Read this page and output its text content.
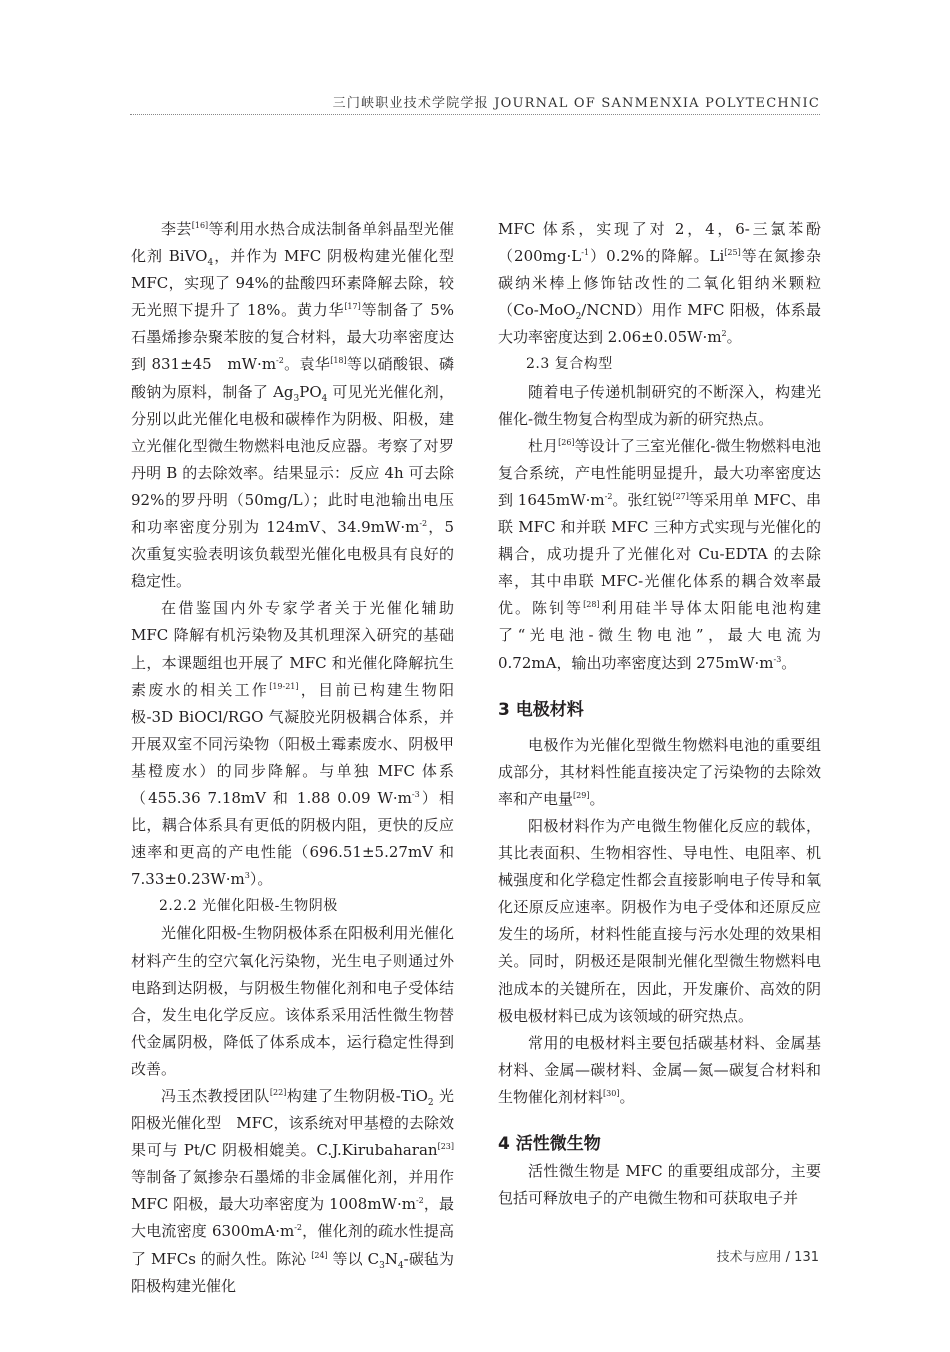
三门峡职业技术学院学报 JOURNAL OF SANMENXIA POLYTECHNIC

李芸[16]等利用水热合成法制备单斜晶型光催化剂 BiVO$_4$，并作为 MFC 阴极构建光催化型 MFC，实现了 94%的盐酸四环素降解去除，较无光照下提升了 18%。黄力华[17]等制备了 5%石墨烯掺杂聚苯胺的复合材料，最大功率密度达到 831±45　$mW\cdot m^{-2}$。袁华[18]等以硝酸银、磷酸钠为原料，制备了 $Ag_3PO_4$ 可见光光催化剂，分别以此光催化电极和碳棒作为阴极、阳极，建立光催化型微生物燃料电池反应器。考察了对罗丹明 B 的去除效率。结果显示：反应 4h 可去除 92%的罗丹明（50mg/L）；此时电池输出电压和功率密度分别为 124mV、$34.9mW\cdot m^{-2}$，5 次重复实验表明该负载型光催化电极具有良好的稳定性。

在借鉴国内外专家学者关于光催化辅助 MFC 降解有机污染物及其机理深入研究的基础上，本课题组也开展了 MFC 和光催化降解抗生素废水的相关工作[19-21]，目前已构建生物阳极-3D BiOCl/RGO 气凝胶光阴极耦合体系，并开展双室不同污染物（阳极土霉素废水、阴极甲基橙废水）的同步降解。与单独 MFC 体系（455.36 7.18mV 和 1.88 0.09 $W\cdot m^{-3}$）相比，耦合体系具有更低的阴极内阻，更快的反应速率和更高的产电性能（696.51±5.27mV 和 $7.33\pm 0.23W\cdot m^3$）。

2.2.2 光催化阳极-生物阴极

光催化阳极-生物阴极体系在阳极利用光催化材料产生的空穴氧化污染物，光生电子则通过外电路到达阴极，与阴极生物催化剂和电子受体结合，发生电化学反应。该体系采用活性微生物替代金属阴极，降低了体系成本，运行稳定性得到改善。

冯玉杰教授团队[22]构建了生物阴极-TiO$_2$ 光阳极光催化型　MFC，该系统对甲基橙的去除效果可与 Pt/C 阴极相媲美。C.J.Kirubaharan[23]等制备了氮掺杂石墨烯的非金属催化剂，并用作 MFC 阳极，最大功率密度为 $1008mW\cdot m^{-2}$，最大电流密度 $6300mA\cdot m^{-2}$，催化剂的疏水性提高了 MFCs 的耐久性。陈沁 [24] 等以 $C_3N_4-$碳毡为阳极构建光催化

MFC 体系，实现了对 2，4，6-三氯苯酚$(200mg\cdot L^{-1})0.2\%$的降解。Li[25]等在氮掺杂碳纳米棒上修饰钴改性的二氧化钼纳米颗粒（Co-MoO$_2$/NCND）用作 MFC 阳极，体系最大功率密度达到 $2.06\pm 0.05W\cdot m^2$。

2.3 复合构型

随着电子传递机制研究的不断深入，构建光催化-微生物复合构型成为新的研究热点。

杜月[26]等设计了三室光催化-微生物燃料电池复合系统，产电性能明显提升，最大功率密度达到 $1645mW\cdot m^{-2}$。张红锐[27]等采用单 MFC、串联 MFC 和并联 MFC 三种方式实现与光催化的耦合，成功提升了光催化对 Cu-EDTA 的去除率，其中串联 MFC-光催化体系的耦合效率最优。陈钊等[28]利用硅半导体太阳能电池构建了“光电池-微生物电池”，最大电流为 0.72mA，输出功率密度达到 $275mW\cdot m^{-3}$。

3 电极材料

电极作为光催化型微生物燃料电池的重要组成部分，其材料性能直接决定了污染物的去除效率和产电量[29]。

阳极材料作为产电微生物催化反应的载体，其比表面积、生物相容性、导电性、电阻率、机械强度和化学稳定性都会直接影响电子传导和氧化还原反应速率。阴极作为电子受体和还原反应发生的场所，材料性能直接与污水处理的效果相关。同时，阴极还是限制光催化型微生物燃料电池成本的关键所在，因此，开发廉价、高效的阴极电极材料已成为该领域的研究热点。

常用的电极材料主要包括碳基材料、金属基材料、金属—碳材料、金属—氮—碳复合材料和生物催化剂材料[30]。

4 活性微生物

活性微生物是 MFC 的重要组成部分，主要包括可释放电子的产电微生物和可获取电子并

技术与应用 / 131
